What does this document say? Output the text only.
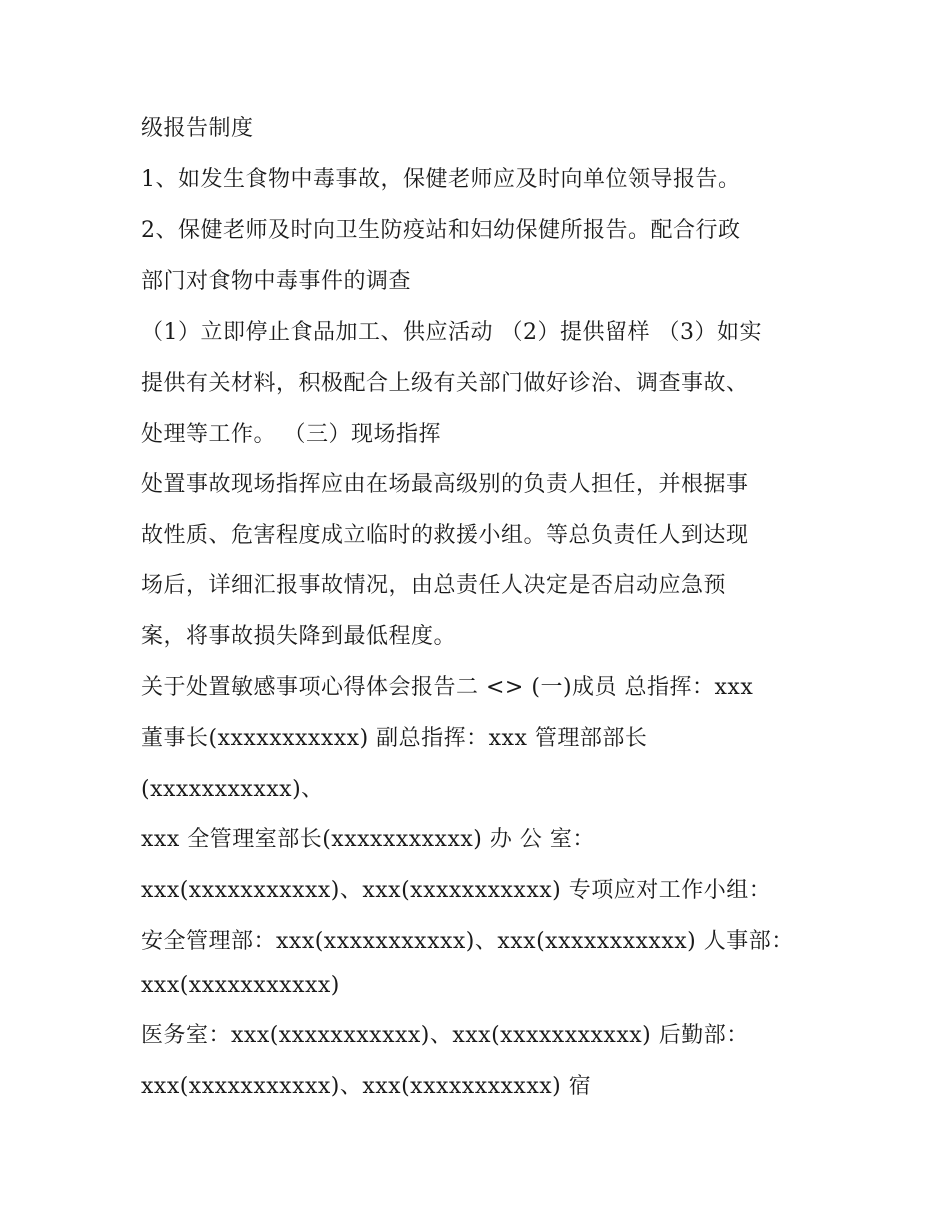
级报告制度
1、如发生食物中毒事故，保健老师应及时向单位领导报告。
2、保健老师及时向卫生防疫站和妇幼保健所报告。配合行政
部门对食物中毒事件的调查
（1）立即停止食品加工、供应活动 （2）提供留样 （3）如实
提供有关材料，积极配合上级有关部门做好诊治、调查事故、
处理等工作。 （三）现场指挥
处置事故现场指挥应由在场最高级别的负责人担任，并根据事
故性质、危害程度成立临时的救援小组。等总负责任人到达现
场后，详细汇报事故情况，由总责任人决定是否启动应急预
案，将事故损失降到最低程度。
关于处置敏感事项心得体会报告二 <> (一)成员 总指挥：xxx
董事长(xxxxxxxxxxx) 副总指挥：xxx 管理部部长
(xxxxxxxxxxx)、
xxx 全管理室部长(xxxxxxxxxxx) 办 公 室：
xxx(xxxxxxxxxxx)、xxx(xxxxxxxxxxx) 专项应对工作小组：
安全管理部：xxx(xxxxxxxxxxx)、xxx(xxxxxxxxxxx) 人事部：
xxx(xxxxxxxxxxx)
医务室：xxx(xxxxxxxxxxx)、xxx(xxxxxxxxxxx) 后勤部：
xxx(xxxxxxxxxxx)、xxx(xxxxxxxxxxx) 宿
